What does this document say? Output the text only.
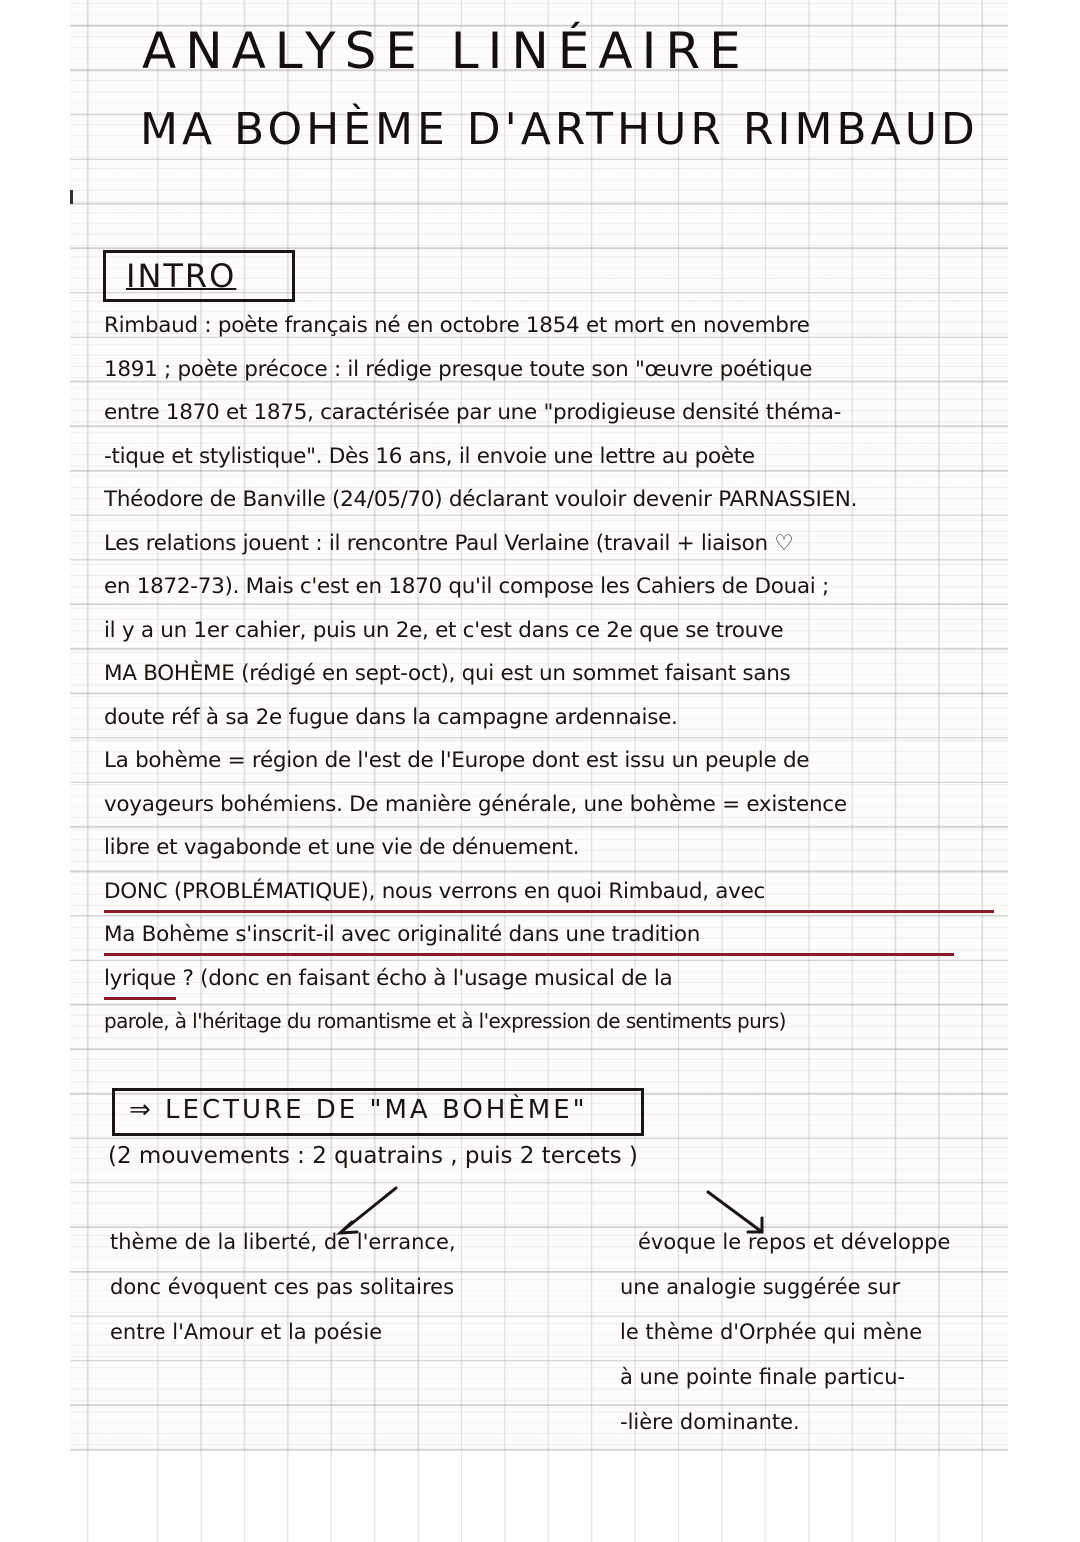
ANALYSE LINÉAIRE
MA BOHÈME D'ARTHUR RIMBAUD
INTRO
Rimbaud : poète français né en octobre 1854 et mort en novembre
1891 ; poète précoce : il rédige presque toute son "œuvre poétique
entre 1870 et 1875, caractérisée par une "prodigieuse densité théma-
-tique et stylistique". Dès 16 ans, il envoie une lettre au poète
Théodore de Banville (24/05/70) déclarant vouloir devenir PARNASSIEN.
Les relations jouent : il rencontre Paul Verlaine (travail + liaison ♡
en 1872-73). Mais c'est en 1870 qu'il compose les Cahiers de Douai ;
il y a un 1er cahier, puis un 2e, et c'est dans ce 2e que se trouve
MA BOHÈME (rédigé en sept-oct), qui est un sommet faisant sans
doute réf à sa 2e fugue dans la campagne ardennaise.
La bohème = région de l'est de l'Europe dont est issu un peuple de
voyageurs bohémiens. De manière générale, une bohème = existence
libre et vagabonde et une vie de dénuement.
DONC (PROBLÉMATIQUE), nous verrons en quoi Rimbaud, avec
Ma Bohème s'inscrit-il avec originalité dans une tradition
lyrique ? (donc en faisant écho à l'usage musical de la
parole, à l'héritage du romantisme et à l'expression de sentiments purs)
⇒ LECTURE DE "MA BOHÈME"
(2 mouvements : 2 quatrains , puis 2 tercets )
thème de la liberté, de l'errance,
donc évoquent ces pas solitaires
entre l'Amour et la poésie
évoque le repos et développe
une analogie suggérée sur
le thème d'Orphée qui mène
à une pointe finale particu-
-lière dominante.
